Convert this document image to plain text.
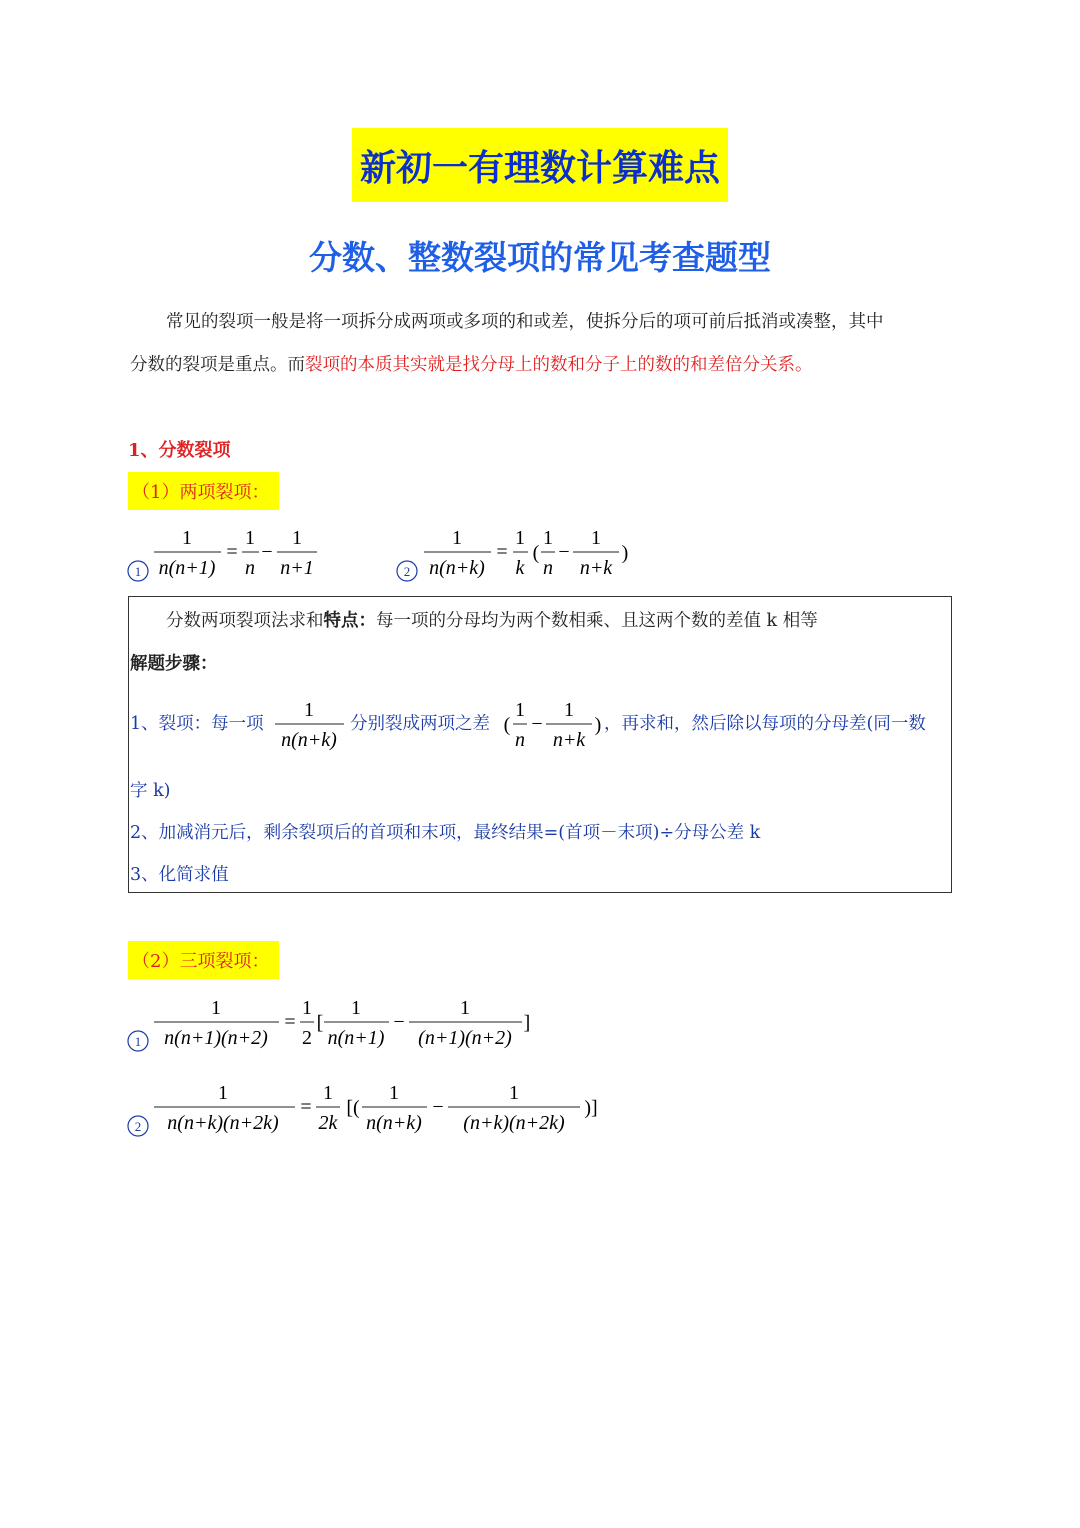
新初一有理数计算难点
分数、整数裂项的常见考查题型
常见的裂项一般是将一项拆分成两项或多项的和或差，使拆分后的项可前后抵消或凑整，其中
分数的裂项是重点。而裂项的本质其实就是找分母上的数和分子上的数的和差倍分关系。
1、分数裂项
（1）两项裂项：
1
1
n(n+1)
=
1
n
−
1
n+1	2
1
n(n+k)
=
1
k
(
1
n
−
1
n+k
)
分数两项裂项法求和特点：每一项的分母均为两个数相乘、且这两个数的差值 k 相等
解题步骤：
1、裂项：每一项
1
n(n+k)
分别裂成两项之差 (
1
n
−
1
n+k
) ，再求和，然后除以每项的分母差(同一数
字 k)
2、加减消元后，剩余裂项后的首项和末项，最终结果=(首项－末项)÷分母公差 k
3、化简求值
（2）三项裂项：
1
1
n(n+1)(n+2)
=
1
2
[
1
n(n+1)
−
1
(n+1)(n+2)
]
2
1
n(n+k)(n+2k)
=
1
2k
[(
1
n(n+k)
−
1
(n+k)(n+2k)
)]
